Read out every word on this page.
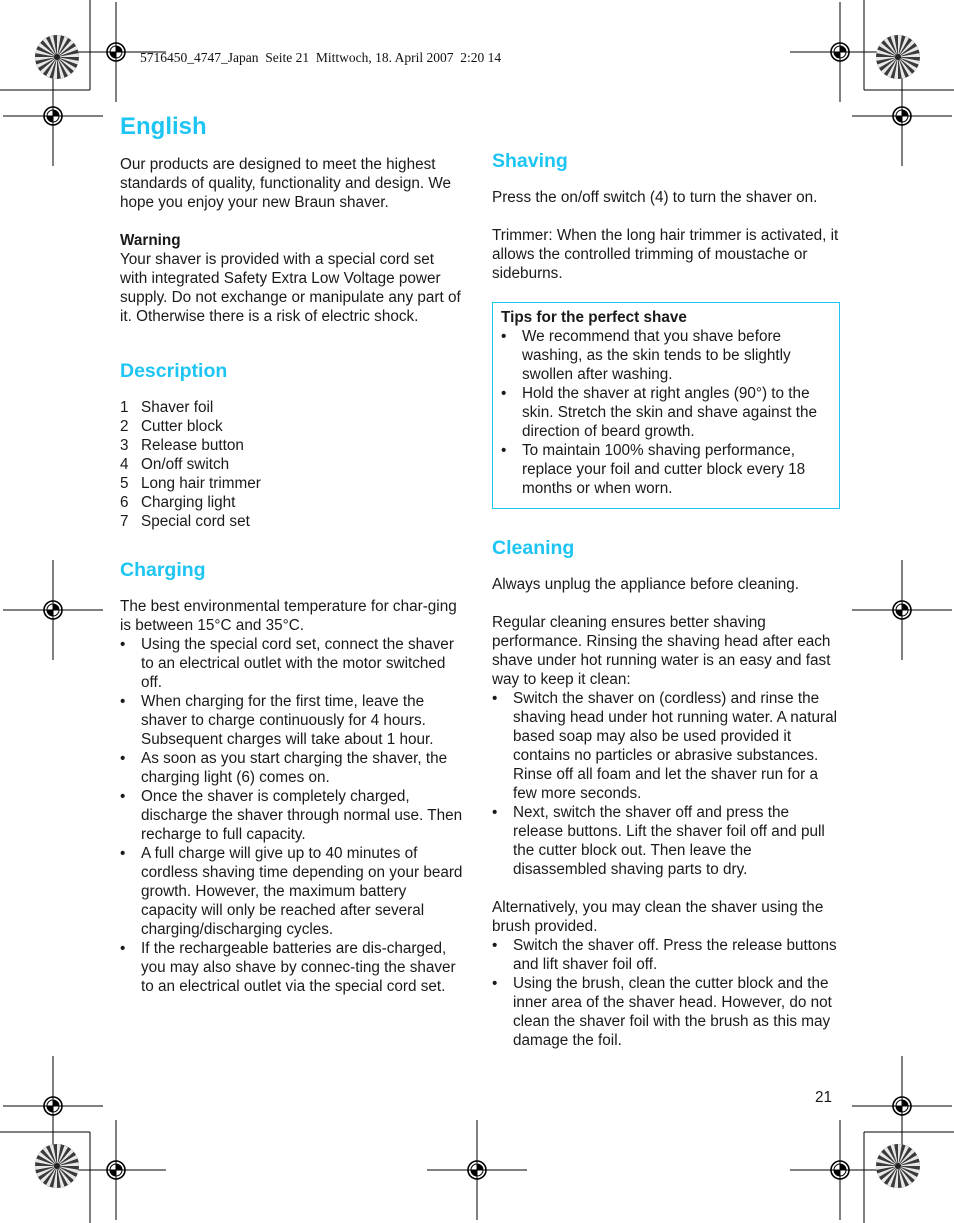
5716450_4747_Japan  Seite 21  Mittwoch, 18. April 2007  2:20 14
English

Our products are designed to meet the highest standards of quality, functionality and design. We hope you enjoy your new Braun shaver.

Warning

Your shaver is provided with a special cord set with integrated Safety Extra Low Voltage power supply. Do not exchange or manipulate any part of it. Otherwise there is a risk of electric shock.

Description
1 Shaver foil
2 Cutter block
3 Release button
4 On/off switch
5 Long hair trimmer
6 Charging light
7 Special cord set
Charging

The best environmental temperature for char-ging is between 15°C and 35°C.

•	Using the special cord set, connect the shaver to an electrical outlet with the motor switched off.
•	When charging for the first time, leave the shaver to charge continuously for 4 hours. Subsequent charges will take about 1 hour.
•	As soon as you start charging the shaver, the charging light (6) comes on.
•	Once the shaver is completely charged, discharge the shaver through normal use. Then recharge to full capacity.
•	A full charge will give up to 40 minutes of cordless shaving time depending on your beard growth. However, the maximum battery capacity will only be reached after several charging/discharging cycles.
•	If the rechargeable batteries are dis-charged, you may also shave by connec-ting the shaver to an electrical outlet via the special cord set.
Shaving

Press the on/off switch (4) to turn the shaver on.

Trimmer: When the long hair trimmer is activated, it allows the controlled trimming of moustache or sideburns.

Tips for the perfect shave

•	We recommend that you shave before washing, as the skin tends to be slightly swollen after washing.
•	Hold the shaver at right angles (90°) to the skin. Stretch the skin and shave against the direction of beard growth.
•	To maintain 100% shaving performance, replace your foil and cutter block every 18 months or when worn.
Cleaning

Always unplug the appliance before cleaning.

Regular cleaning ensures better shaving performance. Rinsing the shaving head after each shave under hot running water is an easy and fast way to keep it clean:

•	Switch the shaver on (cordless) and rinse the shaving head under hot running water. A natural based soap may also be used provided it contains no particles or abrasive substances. Rinse off all foam and let the shaver run for a few more seconds.
•	Next, switch the shaver off and press the release buttons. Lift the shaver foil off and pull the cutter block out. Then leave the disassembled shaving parts to dry.

Alternatively, you may clean the shaver using the brush provided.

•	Switch the shaver off. Press the release buttons and lift shaver foil off.
•	Using the brush, clean the cutter block and the inner area of the shaver head. However, do not clean the shaver foil with the brush as this may damage the foil.
21
